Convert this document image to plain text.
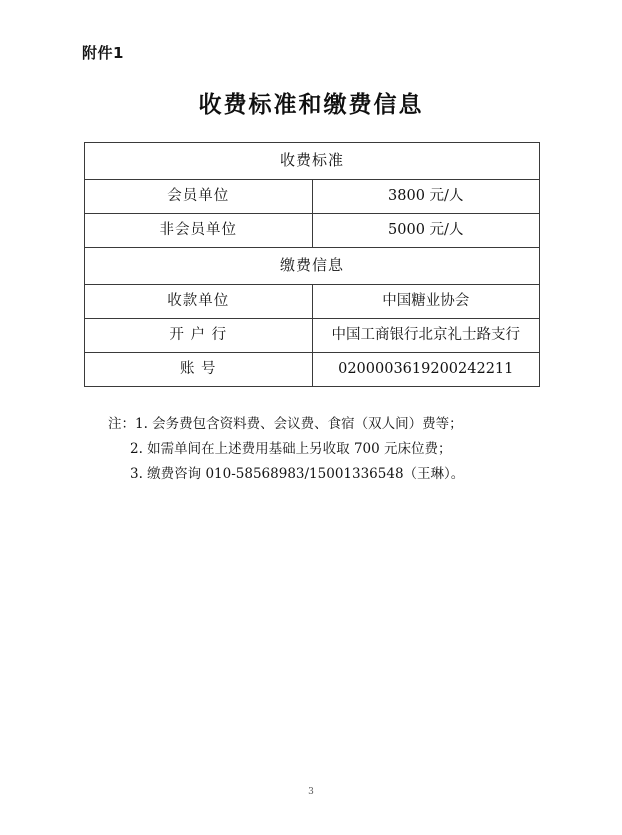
附件1
收费标准和缴费信息
收费标准	
会员单位	3800 元/人
非会员单位	5000 元/人
缴费信息	
收款单位	中国糖业协会
开 户 行	中国工商银行北京礼士路支行
账 号	0200003619200242211
注：1. 会务费包含资料费、会议费、食宿（双人间）费等；
2. 如需单间在上述费用基础上另收取 700 元床位费；
3. 缴费咨询 010-58568983/15001336548（王琳）。
3
